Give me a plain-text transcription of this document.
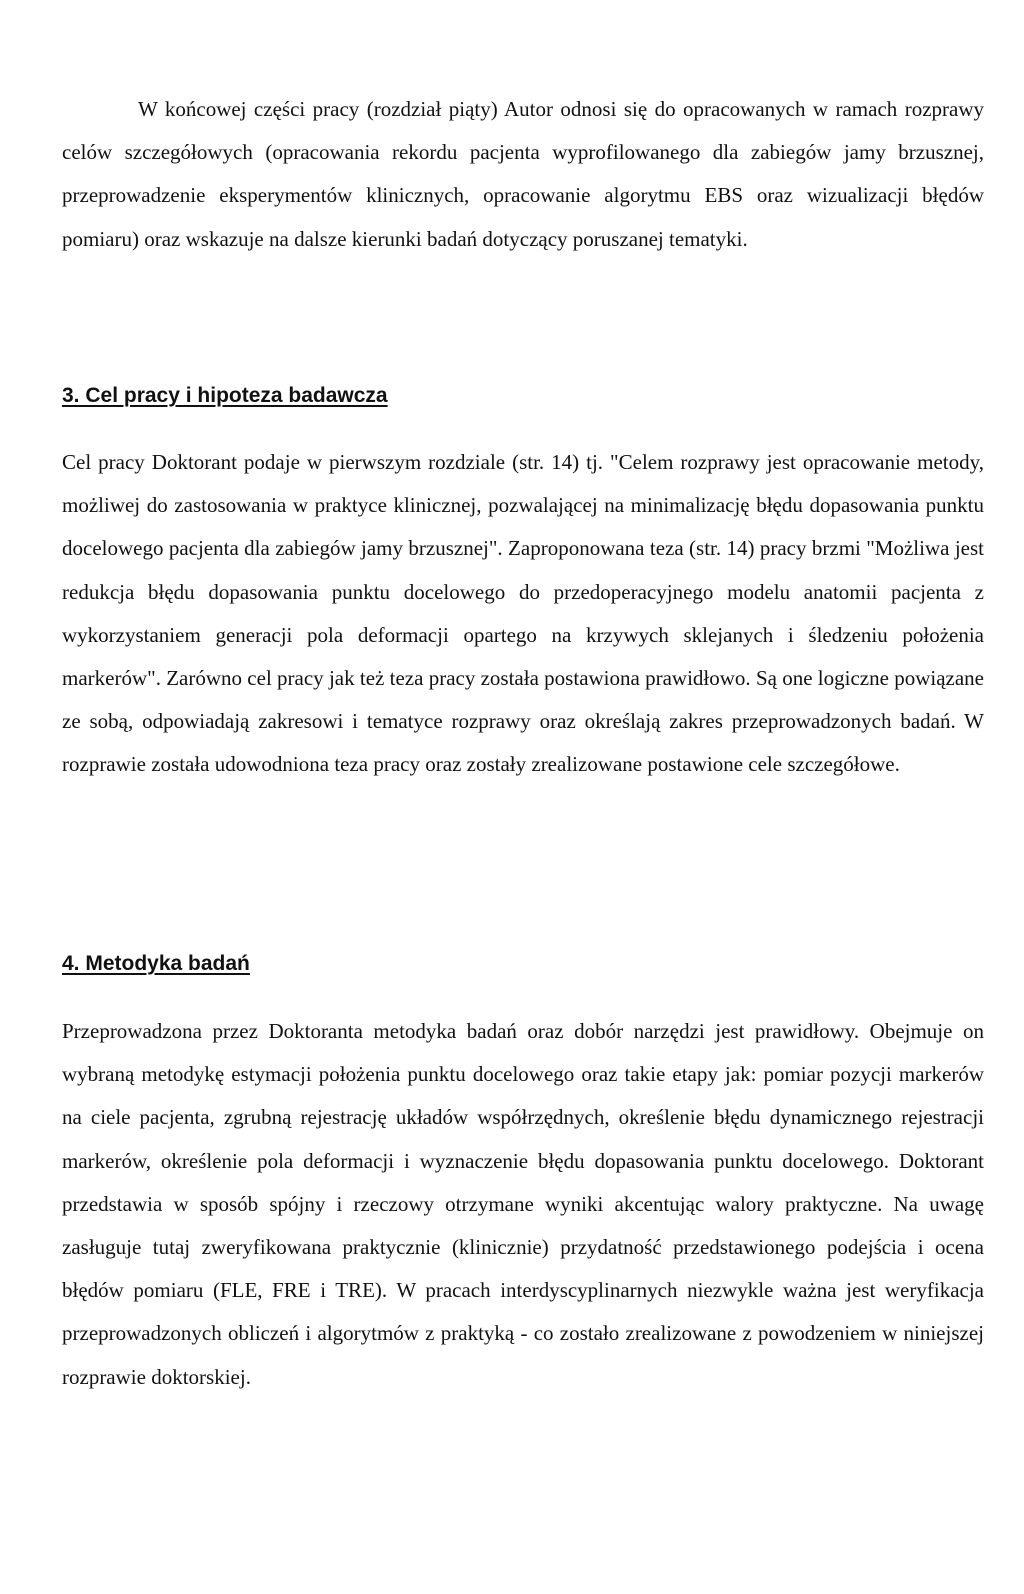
W końcowej części pracy (rozdział piąty) Autor odnosi się do opracowanych w ramach rozprawy celów szczegółowych (opracowania rekordu pacjenta wyprofilowanego dla zabiegów jamy brzusznej, przeprowadzenie eksperymentów klinicznych, opracowanie algorytmu EBS oraz wizualizacji błędów pomiaru) oraz wskazuje na dalsze kierunki badań dotyczący poruszanej tematyki.

3. Cel pracy i hipoteza badawcza

Cel pracy Doktorant podaje w pierwszym rozdziale (str. 14) tj. "Celem rozprawy jest opracowanie metody, możliwej do zastosowania w praktyce klinicznej, pozwalającej na minimalizację błędu dopasowania punktu docelowego pacjenta dla zabiegów jamy brzusznej". Zaproponowana teza (str. 14) pracy brzmi "Możliwa jest redukcja błędu dopasowania punktu docelowego do przedoperacyjnego modelu anatomii pacjenta z wykorzystaniem generacji pola deformacji opartego na krzywych sklejanych i śledzeniu położenia markerów". Zarówno cel pracy jak też teza pracy została postawiona prawidłowo. Są one logiczne powiązane ze sobą, odpowiadają zakresowi i tematyce rozprawy oraz określają zakres przeprowadzonych badań. W rozprawie została udowodniona teza pracy oraz zostały zrealizowane postawione cele szczegółowe.

4. Metodyka badań

Przeprowadzona przez Doktoranta metodyka badań oraz dobór narzędzi jest prawidłowy. Obejmuje on wybraną metodykę estymacji położenia punktu docelowego oraz takie etapy jak: pomiar pozycji markerów na ciele pacjenta, zgrubną rejestrację układów współrzędnych, określenie błędu dynamicznego rejestracji markerów, określenie pola deformacji i wyznaczenie błędu dopasowania punktu docelowego. Doktorant przedstawia w sposób spójny i rzeczowy otrzymane wyniki akcentując walory praktyczne. Na uwagę zasługuje tutaj zweryfikowana praktycznie (klinicznie) przydatność przedstawionego podejścia i ocena błędów pomiaru (FLE, FRE i TRE). W pracach interdyscyplinarnych niezwykle ważna jest weryfikacja przeprowadzonych obliczeń i algorytmów z praktyką - co zostało zrealizowane z powodzeniem w niniejszej rozprawie doktorskiej.
